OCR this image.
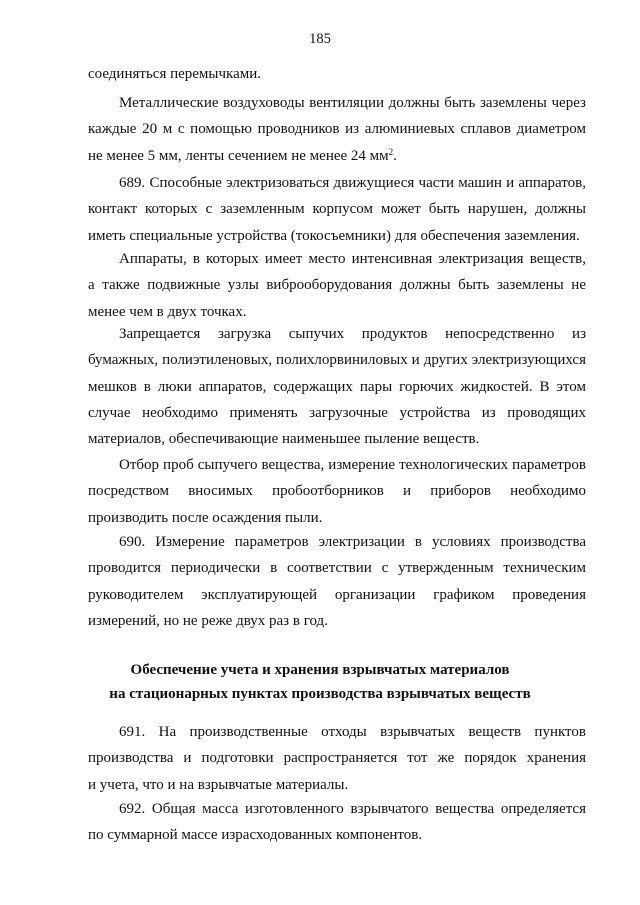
185
соединяться перемычками.
Металлические воздуховоды вентиляции должны быть заземлены через
каждые 20 м с помощью проводников из алюминиевых сплавов диаметром
не менее 5 мм, ленты сечением не менее 24 $мм^2$.
689. Способные электризоваться движущиеся части машин и аппаратов,
контакт которых с заземленным корпусом может быть нарушен, должны
иметь специальные устройства (токосъемники) для обеспечения заземления.
Аппараты, в которых имеет место интенсивная электризация веществ,
а также подвижные узлы виброоборудования должны быть заземлены не
менее чем в двух точках.
Запрещается загрузка сыпучих продуктов непосредственно из
бумажных, полиэтиленовых, полихлорвиниловых и других электризующихся
мешков в люки аппаратов, содержащих пары горючих жидкостей. В этом
случае необходимо применять загрузочные устройства из проводящих
материалов, обеспечивающие наименьшее пыление веществ.
Отбор проб сыпучего вещества, измерение технологических параметров
посредством вносимых пробоотборников и приборов необходимо
производить после осаждения пыли.
690. Измерение параметров электризации в условиях производства
проводится периодически в соответствии с утвержденным техническим
руководителем эксплуатирующей организации графиком проведения
измерений, но не реже двух раз в год.
Обеспечение учета и хранения взрывчатых материалов
на стационарных пунктах производства взрывчатых веществ
691. На производственные отходы взрывчатых веществ пунктов
производства и подготовки распространяется тот же порядок хранения
и учета, что и на взрывчатые материалы.
692. Общая масса изготовленного взрывчатого вещества определяется
по суммарной массе израсходованных компонентов.
